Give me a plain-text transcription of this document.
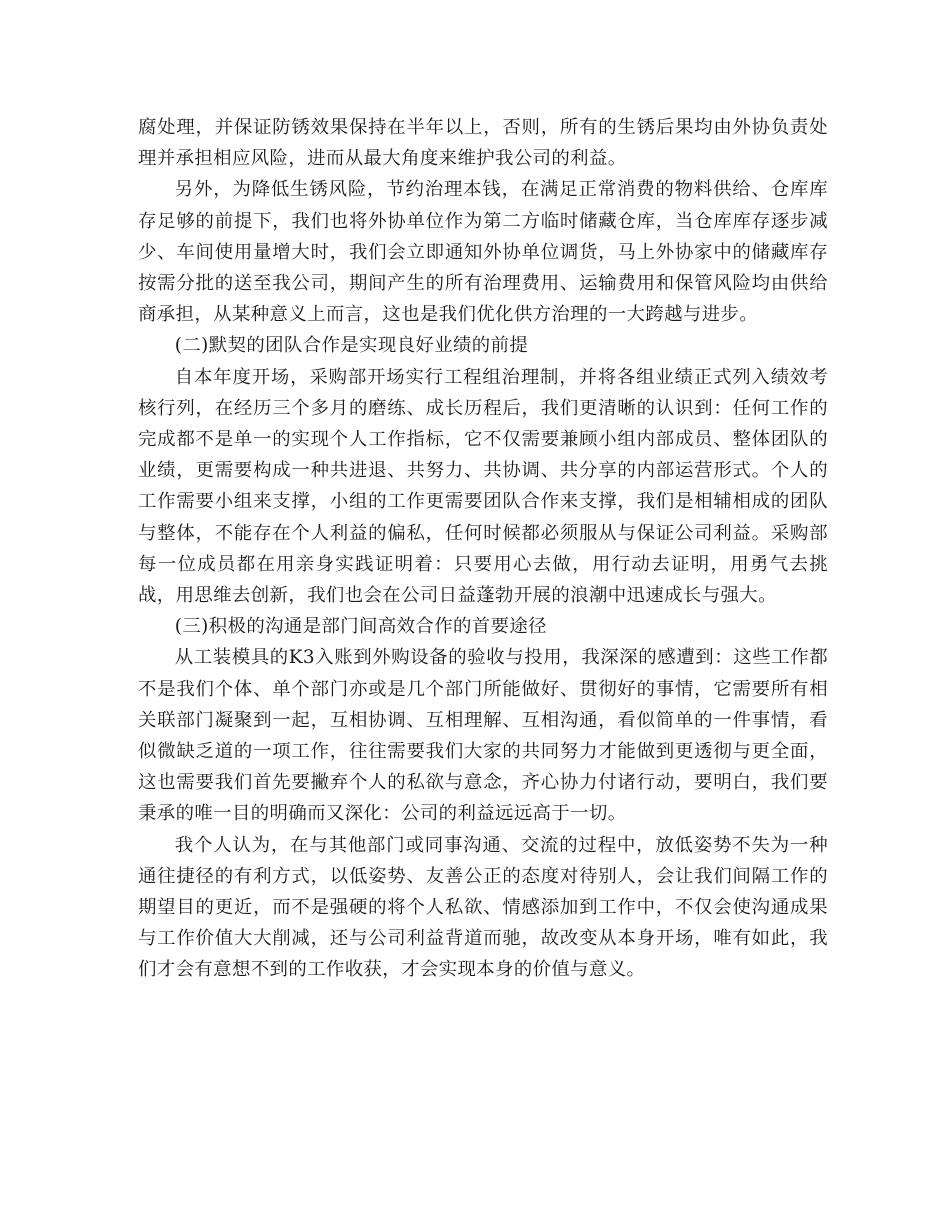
腐处理，并保证防锈效果保持在半年以上，否则，所有的生锈后果均由外协负责处理并承担相应风险，进而从最大角度来维护我公司的利益。

另外，为降低生锈风险，节约治理本钱，在满足正常消费的物料供给、仓库库存足够的前提下，我们也将外协单位作为第二方临时储藏仓库，当仓库库存逐步减少、车间使用量增大时，我们会立即通知外协单位调货，马上外协家中的储藏库存按需分批的送至我公司，期间产生的所有治理费用、运输费用和保管风险均由供给商承担，从某种意义上而言，这也是我们优化供方治理的一大跨越与进步。

(二)默契的团队合作是实现良好业绩的前提

自本年度开场，采购部开场实行工程组治理制，并将各组业绩正式列入绩效考核行列，在经历三个多月的磨练、成长历程后，我们更清晰的认识到：任何工作的完成都不是单一的实现个人工作指标，它不仅需要兼顾小组内部成员、整体团队的业绩，更需要构成一种共进退、共努力、共协调、共分享的内部运营形式。个人的工作需要小组来支撑，小组的工作更需要团队合作来支撑，我们是相辅相成的团队与整体，不能存在个人利益的偏私，任何时候都必须服从与保证公司利益。采购部每一位成员都在用亲身实践证明着：只要用心去做，用行动去证明，用勇气去挑战，用思维去创新，我们也会在公司日益蓬勃开展的浪潮中迅速成长与强大。

(三)积极的沟通是部门间高效合作的首要途径

从工装模具的K3入账到外购设备的验收与投用，我深深的感遭到：这些工作都不是我们个体、单个部门亦或是几个部门所能做好、贯彻好的事情，它需要所有相关联部门凝聚到一起，互相协调、互相理解、互相沟通，看似简单的一件事情，看似微缺乏道的一项工作，往往需要我们大家的共同努力才能做到更透彻与更全面，这也需要我们首先要撇弃个人的私欲与意念，齐心协力付诸行动，要明白，我们要秉承的唯一目的明确而又深化：公司的利益远远高于一切。

我个人认为，在与其他部门或同事沟通、交流的过程中，放低姿势不失为一种通往捷径的有利方式，以低姿势、友善公正的态度对待别人，会让我们间隔工作的期望目的更近，而不是强硬的将个人私欲、情感添加到工作中，不仅会使沟通成果与工作价值大大削减，还与公司利益背道而驰，故改变从本身开场，唯有如此，我们才会有意想不到的工作收获，才会实现本身的价值与意义。
